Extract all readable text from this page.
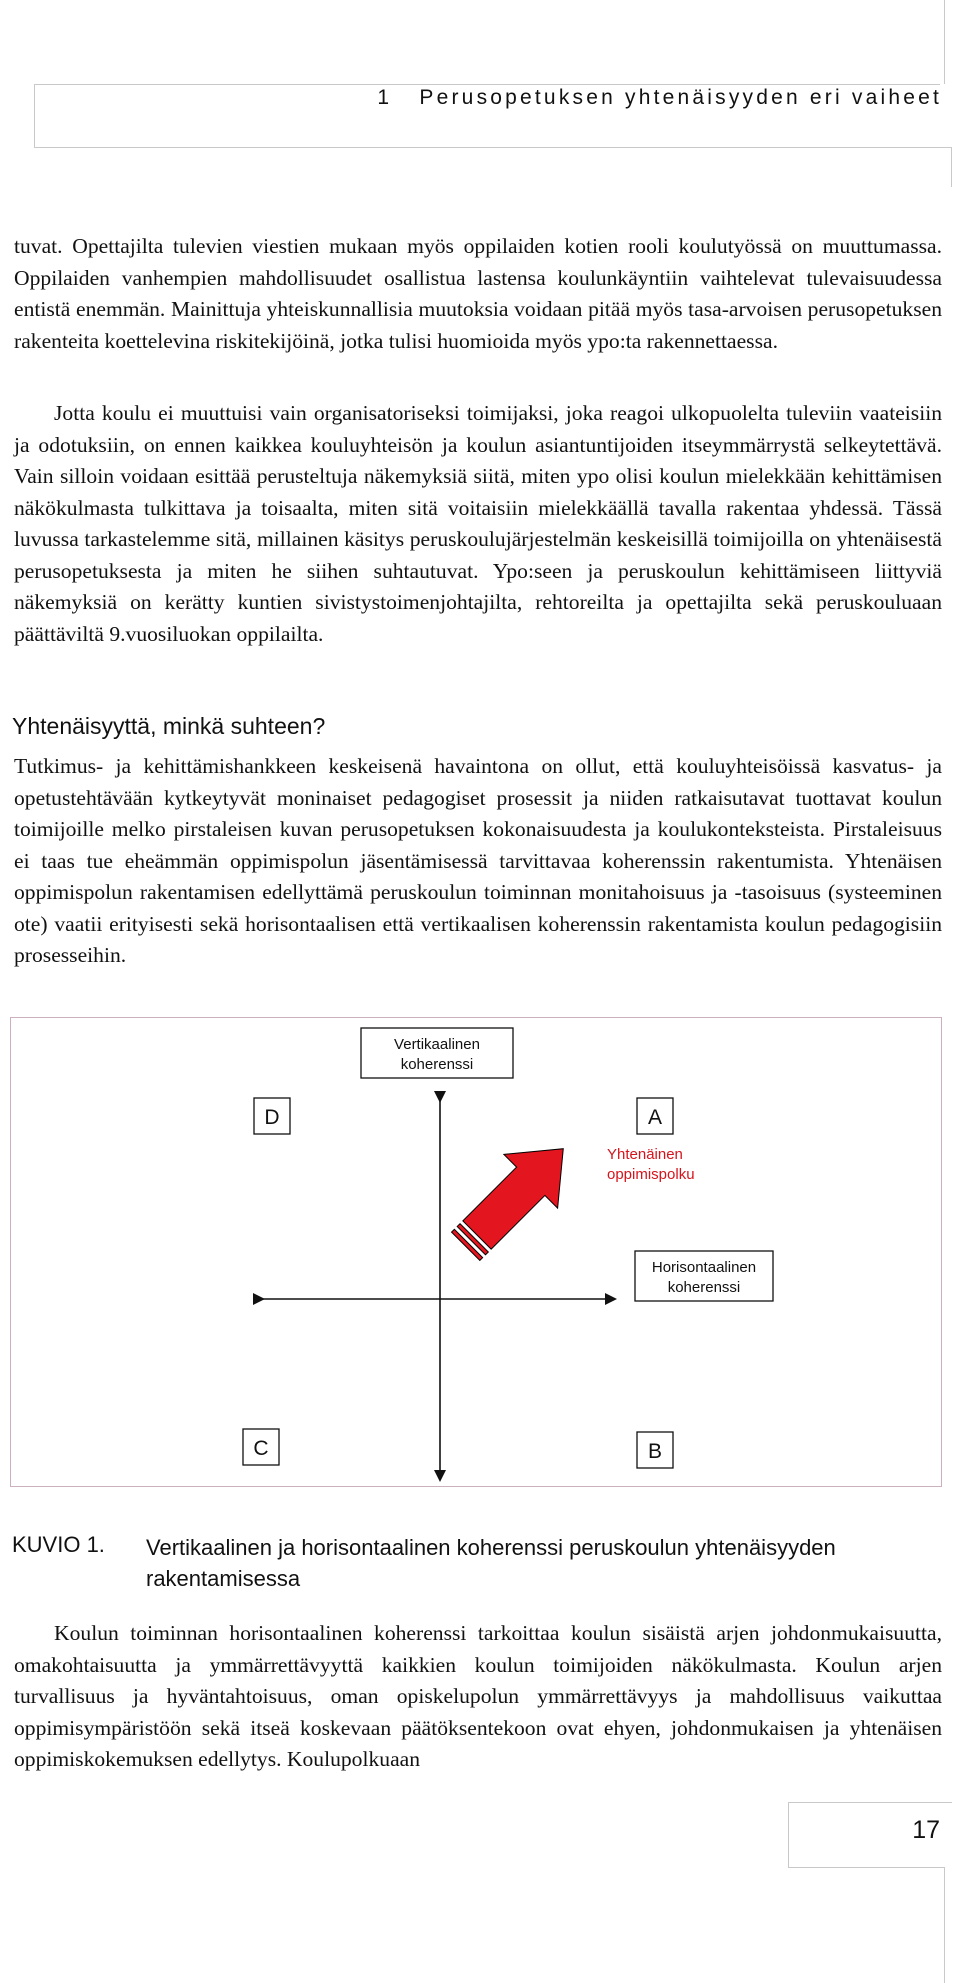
1 Perusopetuksen yhtenäisyyden eri vaiheet

tuvat. Opettajilta tulevien viestien mukaan myös oppilaiden kotien rooli koulutyössä on muuttumassa. Oppilaiden vanhempien mahdollisuudet osallistua lastensa koulunkäyntiin vaihtelevat tulevaisuudessa entistä enemmän. Mainittuja yhteiskunnallisia muutoksia voidaan pitää myös tasa-arvoisen perusopetuksen rakenteita koettelevina riskitekijöinä, jotka tulisi huomioida myös ypo:ta rakennettaessa.

Jotta koulu ei muuttuisi vain organisatoriseksi toimijaksi, joka reagoi ulkopuolelta tuleviin vaateisiin ja odotuksiin, on ennen kaikkea kouluyhteisön ja koulun asiantuntijoiden itseymmärrystä selkeytettävä. Vain silloin voidaan esittää perusteltuja näkemyksiä siitä, miten ypo olisi koulun mielekkään kehittämisen näkökulmasta tulkittava ja toisaalta, miten sitä voitaisiin mielekkäällä tavalla rakentaa yhdessä. Tässä luvussa tarkastelemme sitä, millainen käsitys peruskoulujärjestelmän keskeisillä toimijoilla on yhtenäisestä perusopetuksesta ja miten he siihen suhtautuvat. Ypo:seen ja peruskoulun kehittämiseen liittyviä näkemyksiä on kerätty kuntien sivistystoimenjohtajilta, rehtoreilta ja opettajilta sekä peruskouluaan päättäviltä 9.vuosiluokan oppilailta.

Yhtenäisyyttä, minkä suhteen?

Tutkimus- ja kehittämishankkeen keskeisenä havaintona on ollut, että kouluyhteisöissä kasvatus- ja opetustehtävään kytkeytyvät moninaiset pedagogiset prosessit ja niiden ratkaisutavat tuottavat koulun toimijoille melko pirstaleisen kuvan perusopetuksen kokonaisuudesta ja koulukonteksteista. Pirstaleisuus ei taas tue eheämmän oppimispolun jäsentämisessä tarvittavaa koherenssin rakentumista. Yhtenäisen oppimispolun rakentamisen edellyttämä peruskoulun toiminnan monitahoisuus ja -tasoisuus (systeeminen ote) vaatii erityisesti sekä horisontaalisen että vertikaalisen koherenssin rakentamista koulun pedagogisiin prosesseihin.

Vertikaalinen
koherenssi
Horisontaalinen
koherenssi
D	A
C	B
Yhtenäinen
oppimispolku
KUVIO 1. Vertikaalinen ja horisontaalinen koherenssi peruskoulun yhtenäisyyden rakentamisessa

Koulun toiminnan horisontaalinen koherenssi tarkoittaa koulun sisäistä arjen johdonmukaisuutta, omakohtaisuutta ja ymmärrettävyyttä kaikkien koulun toimijoiden näkökulmasta. Koulun arjen turvallisuus ja hyväntahtoisuus, oman opiskelupolun ymmärrettävyys ja mahdollisuus vaikuttaa oppimisympäristöön sekä itseä koskevaan päätöksentekoon ovat ehyen, johdonmukaisen ja yhtenäisen oppimiskokemuksen edellytys. Koulupolkuaan

17
